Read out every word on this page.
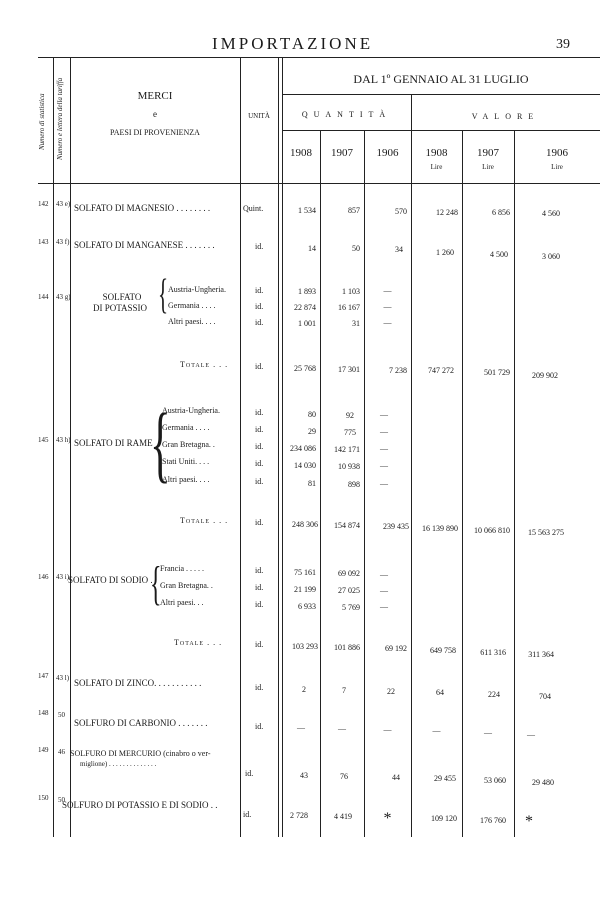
IMPORTAZIONE	39
Numero di statistica Numero e lettera della tariffa	MERCI
e
PAESI DI PROVENIENZA
UNITÀ
DAL 1º GENNAIO AL 31 LUGLIO
QUANTITÀ	VALORE
1908	1907	1906	1908	1907	1906
Lire	Lire	Lire
142 43 e) SOLFATO DI MAGNESIO . . . . . . . .	Quint.	1 534	857	570	12 248	6 856	4 560
143 43 f) SOLFATO DI MANGANESE . . . . . . .	id.	14	50	34	1 260	4 500	3 060
144 43 g)	SOLFATO
DI POTASSIO { Austria-Ungheria.	id.	1 893	1 103	—
Germania . . . .	id.	22 874	16 167	—
Altri paesi. . . .	id.	1 001	31	—
Totale . . .	id.	25 768	17 301	7 238	747 272	501 729	209 902
145 43 h) SOLFATO DI RAME
{
Austria-Ungheria.	id.	80	92	—
Germania . . . .	id.	29	775	—
Gran Bretagna. .	id.	234 086	142 171	—
Stati Uniti. . . .	id.	14 030	10 938	—
Altri paesi. . . .	id.	81	898	—
Totale . . .	id.	248 306	154 874	239 435	16 139 890	10 066 810	15 563 275
146 43 i)
SOLFATO DI SODIO .
{
Francia . . . . .	id.	75 161	69 092	—
Gran Bretagna. .	id.	21 199	27 025	—
Altri paesi. . .	id.	6 933	5 769	—
Totale . . .	id.	103 293	101 886	69 192	649 758	611 316	311 364
147 43 l) SOLFATO DI ZINCO. . . . . . . . . . .	id.	2	7	22	64	224	704
148 50
SOLFURO DI CARBONIO . . . . . . .	id.	—	—	—	—	—	—
149 46 SOLFURO DI MERCURIO (cinabro o ver-
miglione) . . . . . . . . . . . . . .
id.	43	76	44	29 455	53 060	29 480
150 50
SOLFURO DI POTASSIO E DI SODIO . .
id.	2 728	4 419	*	109 120	176 760	*
